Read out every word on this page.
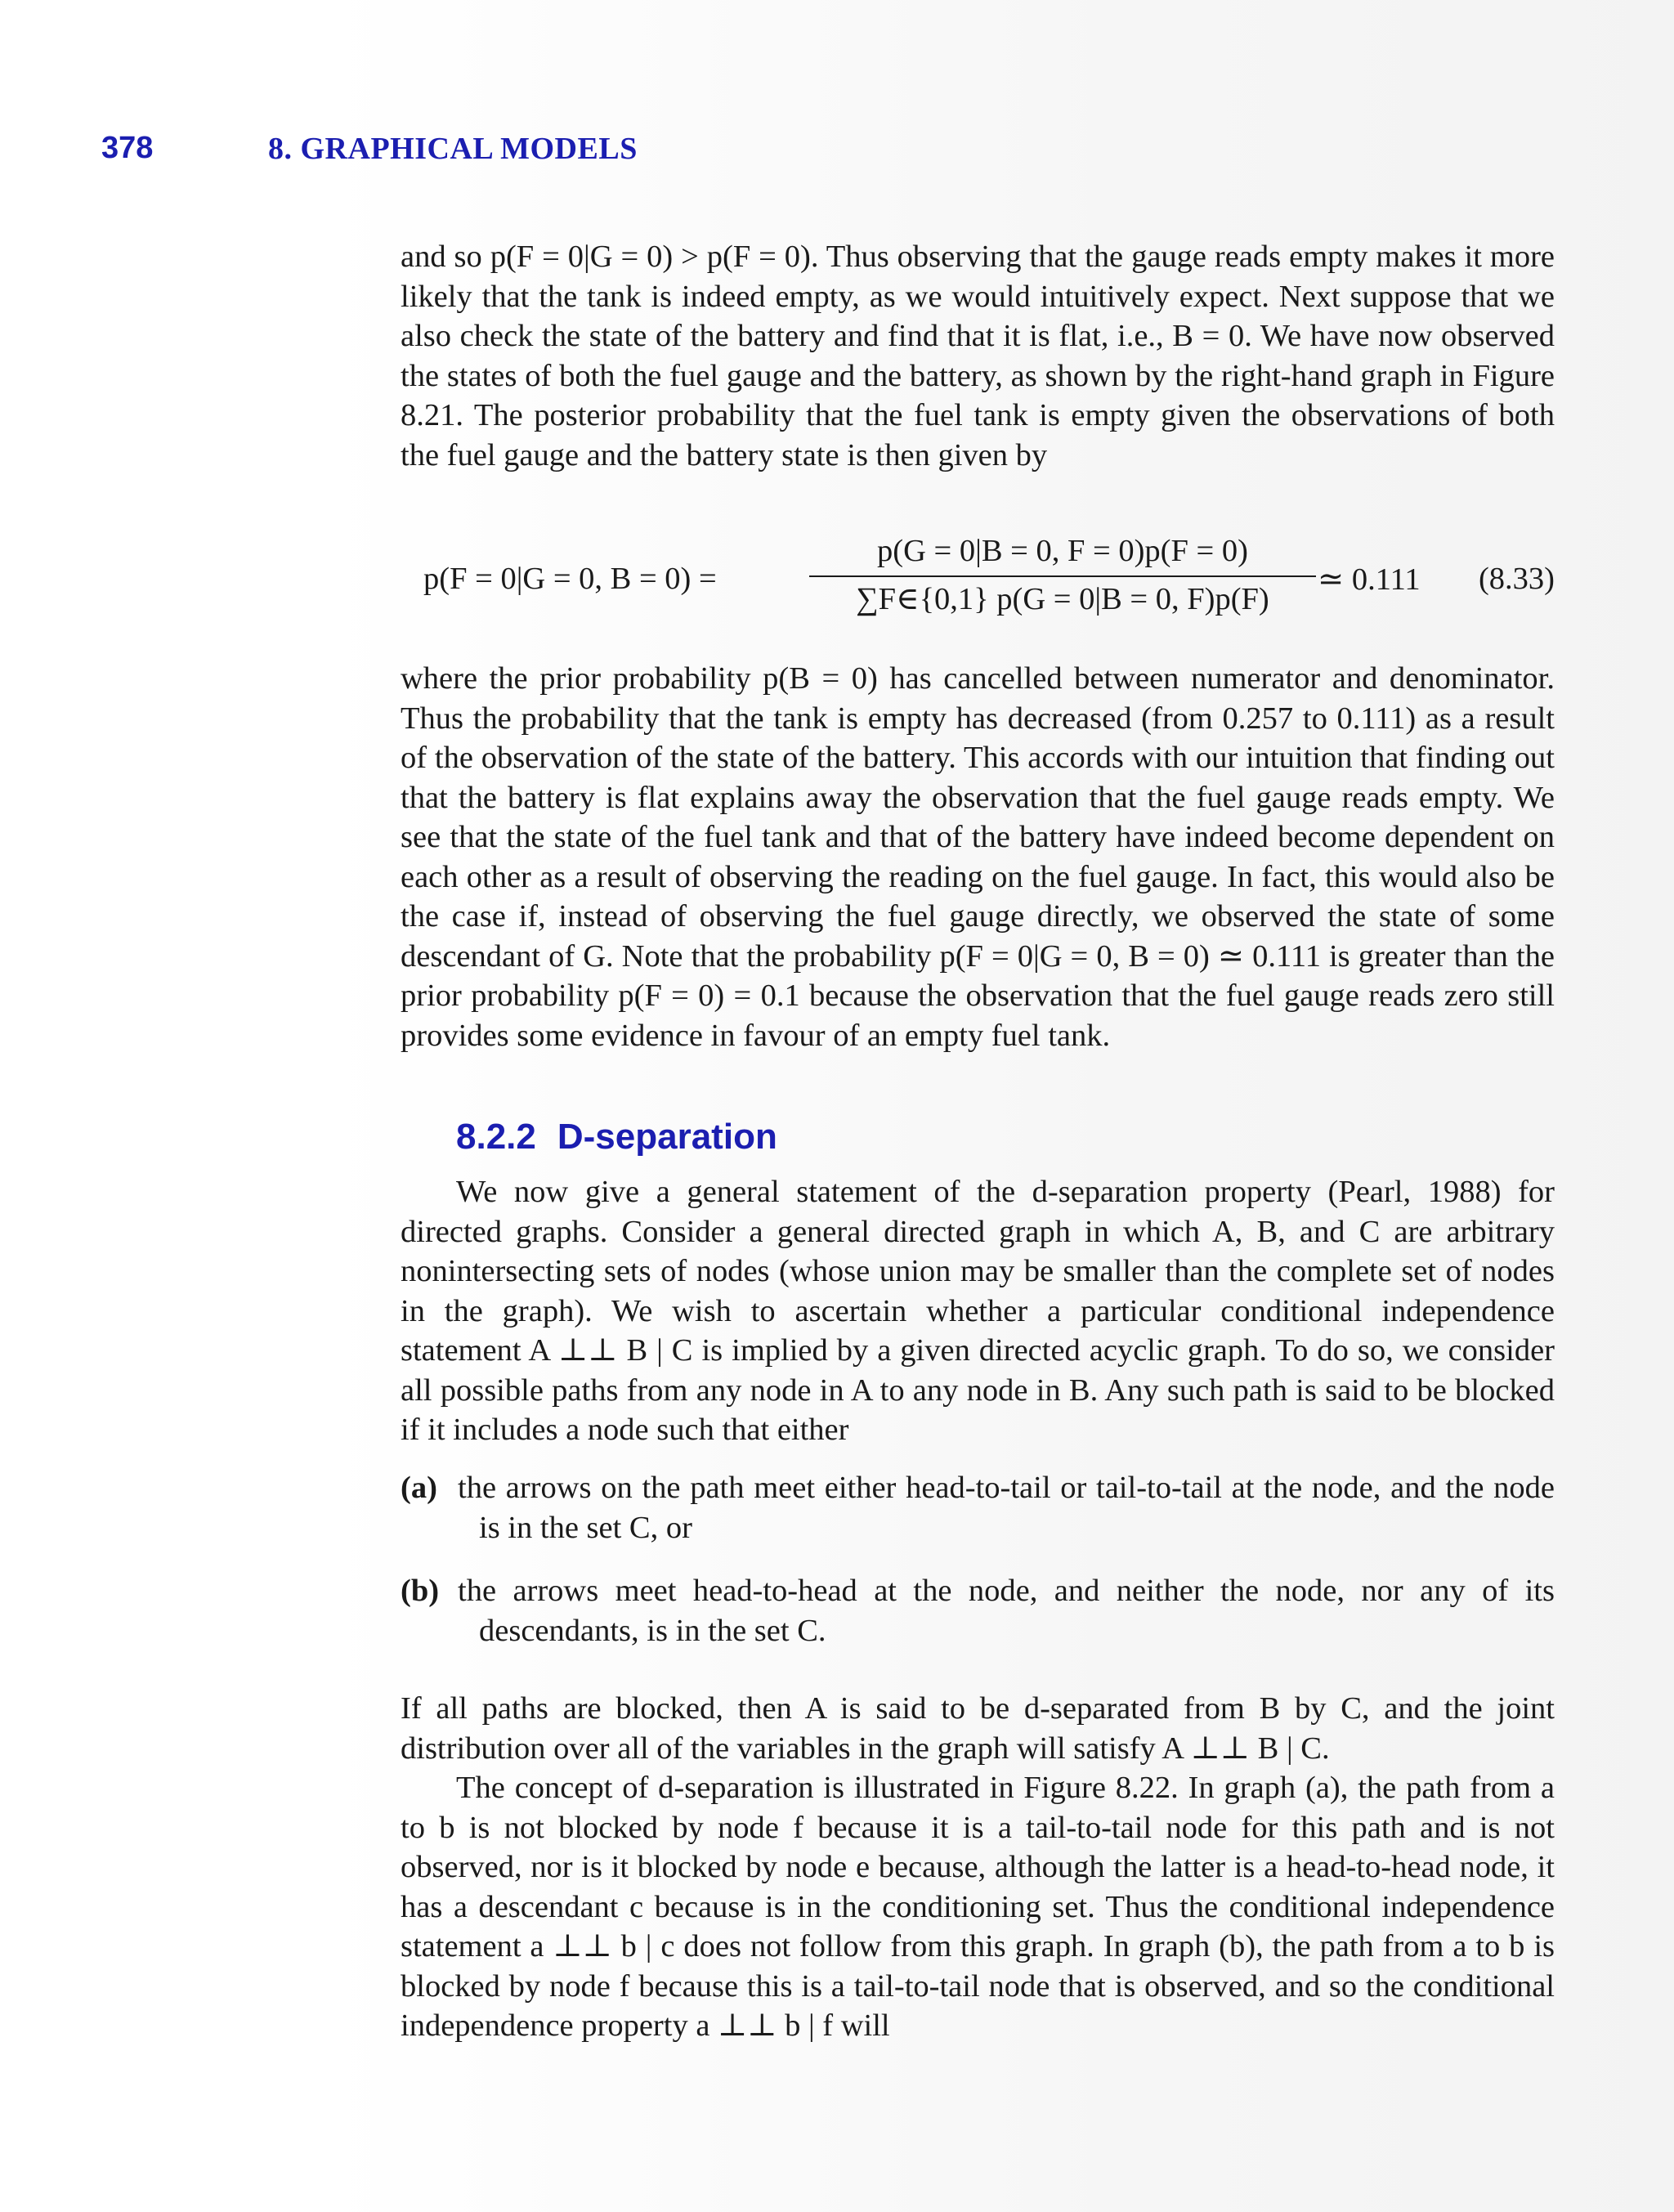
378	8. GRAPHICAL MODELS

and so p(F = 0|G = 0) > p(F = 0). Thus observing that the gauge reads empty makes it more likely that the tank is indeed empty, as we would intuitively expect. Next suppose that we also check the state of the battery and find that it is flat, i.e., B = 0. We have now observed the states of both the fuel gauge and the battery, as shown by the right-hand graph in Figure 8.21. The posterior probability that the fuel tank is empty given the observations of both the fuel gauge and the battery state is then given by

p(F = 0|G = 0, B = 0) =
p(G = 0|B = 0, F = 0)p(F = 0)
∑F∈{0,1} p(G = 0|B = 0, F)p(F)
≃ 0.111 (8.33)

where the prior probability p(B = 0) has cancelled between numerator and denominator. Thus the probability that the tank is empty has decreased (from 0.257 to 0.111) as a result of the observation of the state of the battery. This accords with our intuition that finding out that the battery is flat explains away the observation that the fuel gauge reads empty. We see that the state of the fuel tank and that of the battery have indeed become dependent on each other as a result of observing the reading on the fuel gauge. In fact, this would also be the case if, instead of observing the fuel gauge directly, we observed the state of some descendant of G. Note that the probability p(F = 0|G = 0, B = 0) ≃ 0.111 is greater than the prior probability p(F = 0) = 0.1 because the observation that the fuel gauge reads zero still provides some evidence in favour of an empty fuel tank.

8.2.2 D-separation

We now give a general statement of the d-separation property (Pearl, 1988) for directed graphs. Consider a general directed graph in which A, B, and C are arbitrary nonintersecting sets of nodes (whose union may be smaller than the complete set of nodes in the graph). We wish to ascertain whether a particular conditional independence statement A ⊥⊥ B | C is implied by a given directed acyclic graph. To do so, we consider all possible paths from any node in A to any node in B. Any such path is said to be blocked if it includes a node such that either

(a) the arrows on the path meet either head-to-tail or tail-to-tail at the node, and the node is in the set C, or
(b) the arrows meet head-to-head at the node, and neither the node, nor any of its descendants, is in the set C.

If all paths are blocked, then A is said to be d-separated from B by C, and the joint distribution over all of the variables in the graph will satisfy A ⊥⊥ B | C.

The concept of d-separation is illustrated in Figure 8.22. In graph (a), the path from a to b is not blocked by node f because it is a tail-to-tail node for this path and is not observed, nor is it blocked by node e because, although the latter is a head-to-head node, it has a descendant c because is in the conditioning set. Thus the conditional independence statement a ⊥⊥ b | c does not follow from this graph. In graph (b), the path from a to b is blocked by node f because this is a tail-to-tail node that is observed, and so the conditional independence property a ⊥⊥ b | f will
